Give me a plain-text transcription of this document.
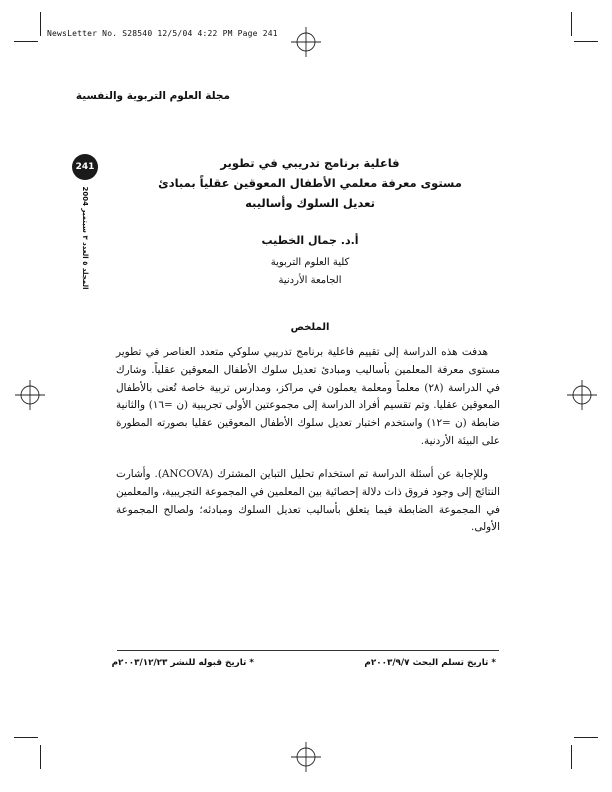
NewsLetter No. S28540 12/5/04 4:22 PM Page 241
مجلة العلوم التربوية والنفسية
241
المجلد ٥ العدد ٣ سبتمبر 2004
فاعلية برنامج تدريبي في تطوير
مستوى معرفة معلمي الأطفال المعوقين عقلياً بمبادئ
تعديل السلوك وأساليبه
أ.د. جمال الخطيب
كلية العلوم التربوية
الجامعة الأردنية
الملخص
هدفت هذه الدراسة إلى تقييم فاعلية برنامج تدريبي سلوكي متعدد العناصر في تطوير مستوى معرفة المعلمين بأساليب ومبادئ تعديل سلوك الأطفال المعوقين عقلياً. وشارك في الدراسة (٢٨) معلماً ومعلمة يعملون في مراكز، ومدارس تربية خاصة تُعنى بالأطفال المعوقين عقليا. وتم تقسيم أفراد الدراسة إلى مجموعتين الأولى تجريبية (ن =١٦) والثانية ضابطة (ن =١٢) واستخدم اختبار تعديل سلوك الأطفال المعوقين عقليا بصورته المطورة على البيئة الأردنية.
وللإجابة عن أسئلة الدراسة تم استخدام تحليل التباين المشترك (ANCOVA). وأشارت النتائج إلى وجود فروق ذات دلالة إحصائية بين المعلمين في المجموعة التجريبية، والمعلمين في المجموعة الضابطة فيما يتعلق بأساليب تعديل السلوك ومبادئه؛ ولصالح المجموعة الأولى.
* تاريخ تسلم البحث ٢٠٠٣/٩/٧م
* تاريخ قبوله للنشر ٢٠٠٣/١٢/٢٣م
